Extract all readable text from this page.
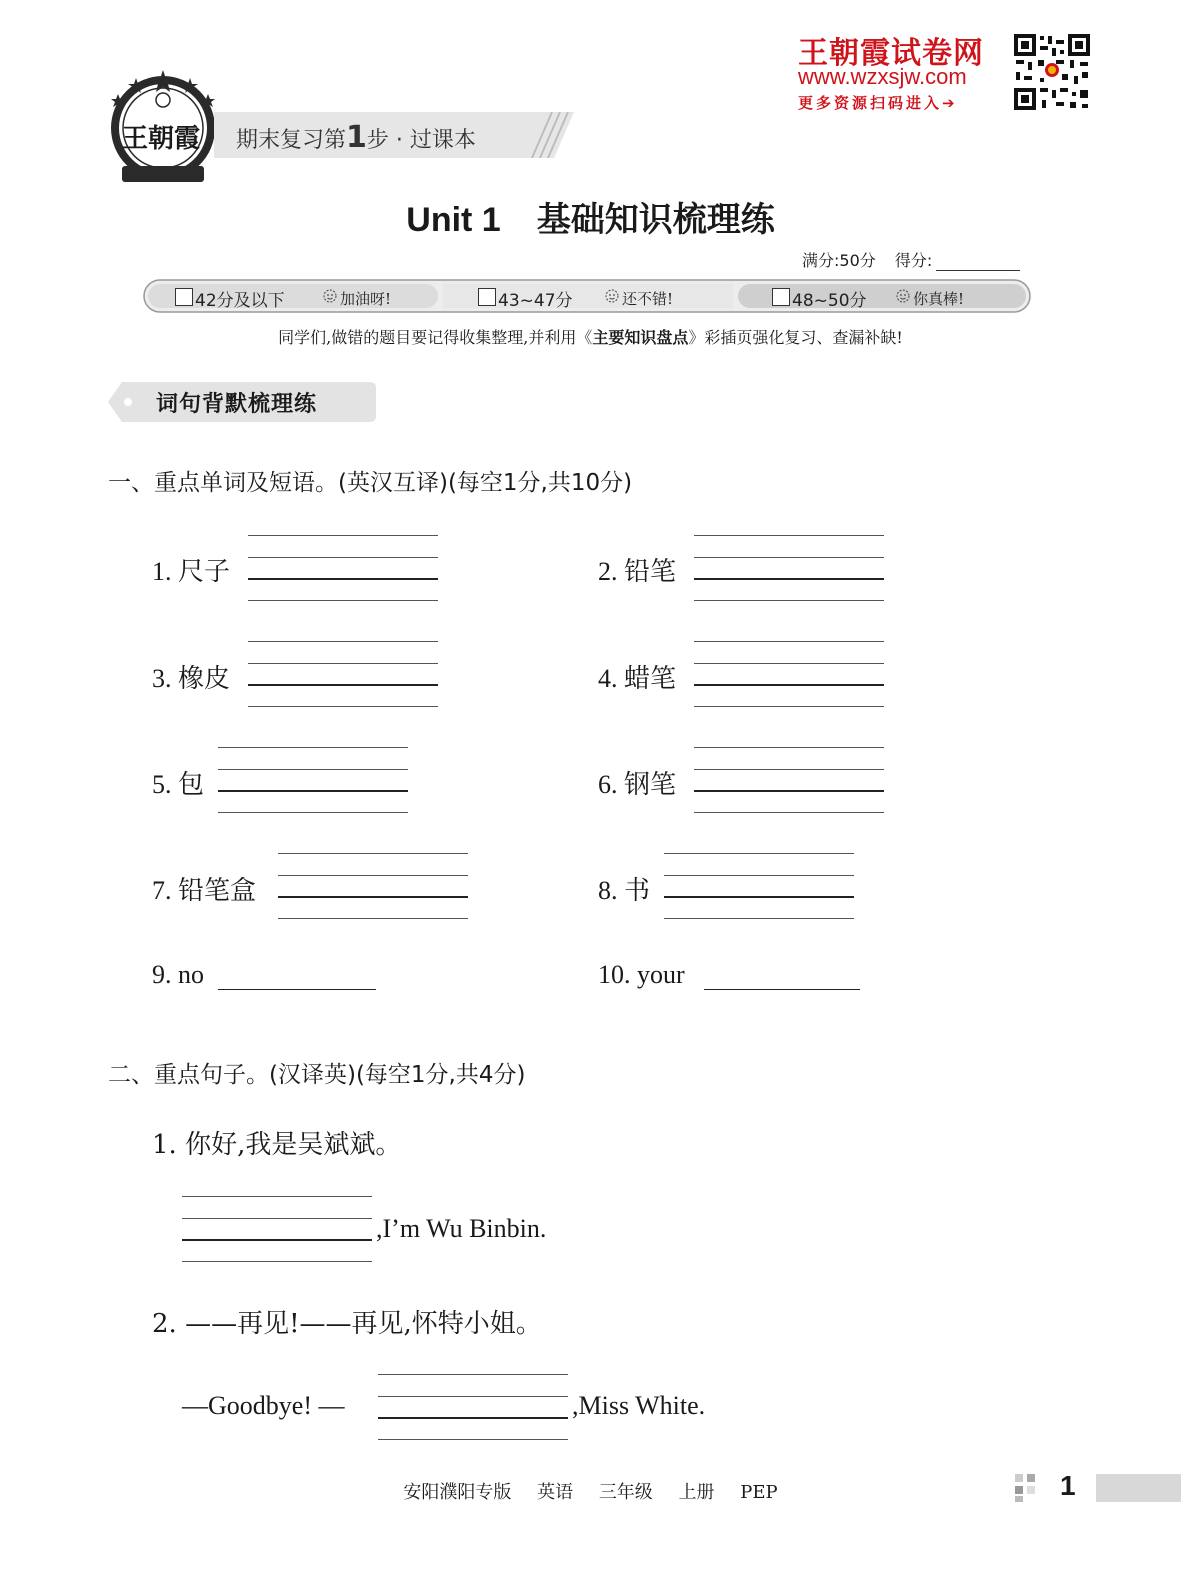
王朝霞试卷网
www.wzxsjw.com
更多资源扫码进入➔
王朝霞 期末复习第1步 · 过课本
Unit 1 基础知识梳理练
满分:50分 得分:
42分及以下	加油呀!	43~47分	还不错!	48~50分	你真棒!
同学们,做错的题目要记得收集整理,并利用《主要知识盘点》彩插页强化复习、查漏补缺!
词句背默梳理练
一、重点单词及短语。(英汉互译)(每空1分,共10分)
1. 尺子	2. 铅笔
3. 橡皮	4. 蜡笔
5. 包	6. 钢笔
7. 铅笔盒	8. 书
9. no	10. your
二、重点句子。(汉译英)(每空1分,共4分)
1. 你好,我是吴斌斌。
,I’m Wu Binbin.
2. ——再见!——再见,怀特小姐。
—Goodbye! —	,Miss White.
安阳濮阳专版 英语 三年级 上册 PEP	1
